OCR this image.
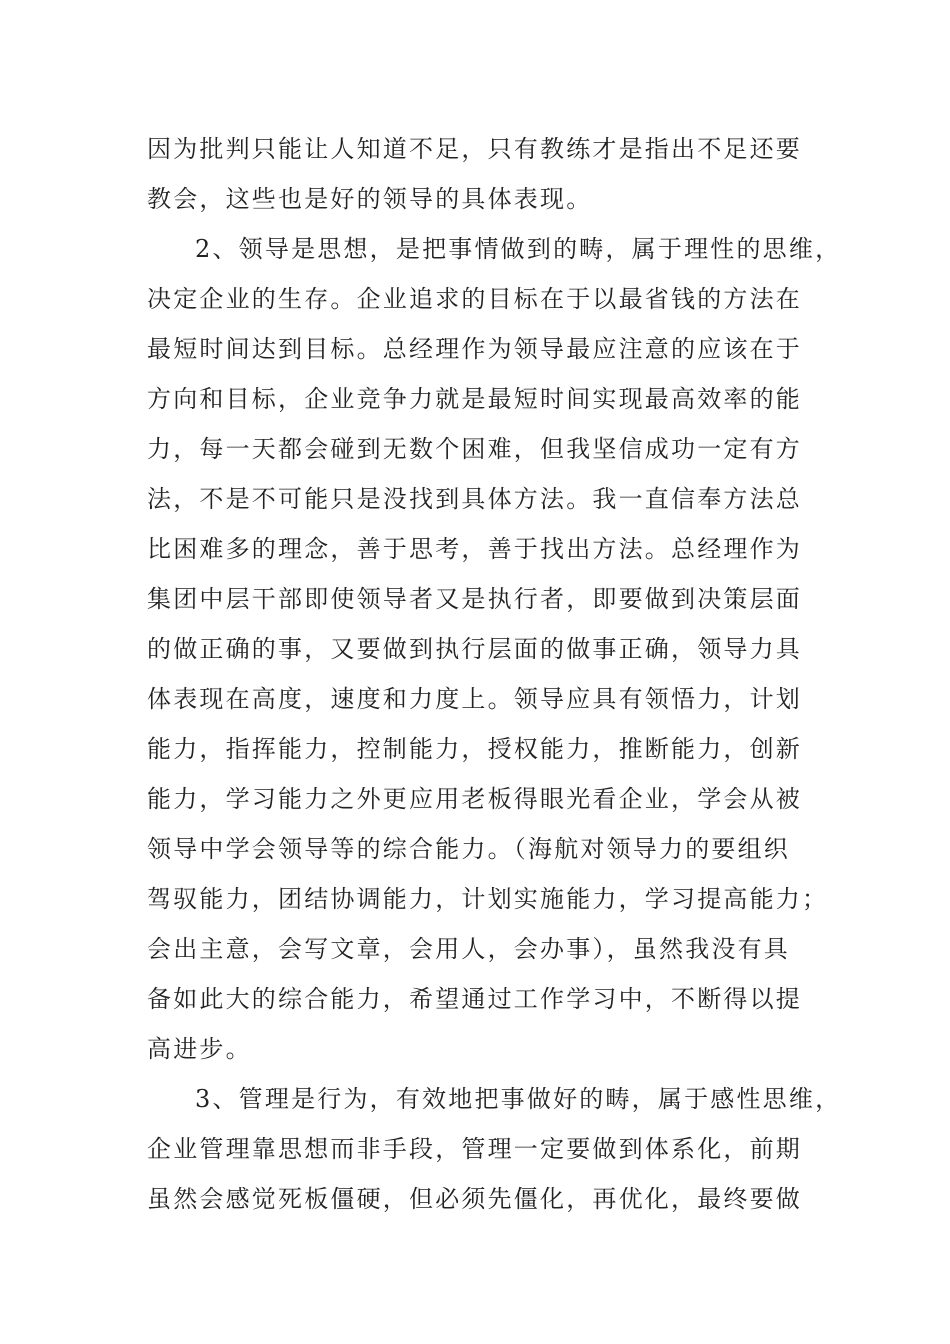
因为批判只能让人知道不足，只有教练才是指出不足还要
教会，这些也是好的领导的具体表现。
2、领导是思想，是把事情做到的畴，属于理性的思维，
决定企业的生存。企业追求的目标在于以最省钱的方法在
最短时间达到目标。总经理作为领导最应注意的应该在于
方向和目标，企业竞争力就是最短时间实现最高效率的能
力，每一天都会碰到无数个困难，但我坚信成功一定有方
法，不是不可能只是没找到具体方法。我一直信奉方法总
比困难多的理念，善于思考，善于找出方法。总经理作为
集团中层干部即使领导者又是执行者，即要做到决策层面
的做正确的事，又要做到执行层面的做事正确，领导力具
体表现在高度，速度和力度上。领导应具有领悟力，计划
能力，指挥能力，控制能力，授权能力，推断能力，创新
能力，学习能力之外更应用老板得眼光看企业，学会从被
领导中学会领导等的综合能力。（海航对领导力的要组织
驾驭能力，团结协调能力，计划实施能力，学习提高能力；
会出主意，会写文章，会用人，会办事），虽然我没有具
备如此大的综合能力，希望通过工作学习中，不断得以提
高进步。
3、管理是行为，有效地把事做好的畴，属于感性思维，
企业管理靠思想而非手段，管理一定要做到体系化，前期
虽然会感觉死板僵硬，但必须先僵化，再优化，最终要做
